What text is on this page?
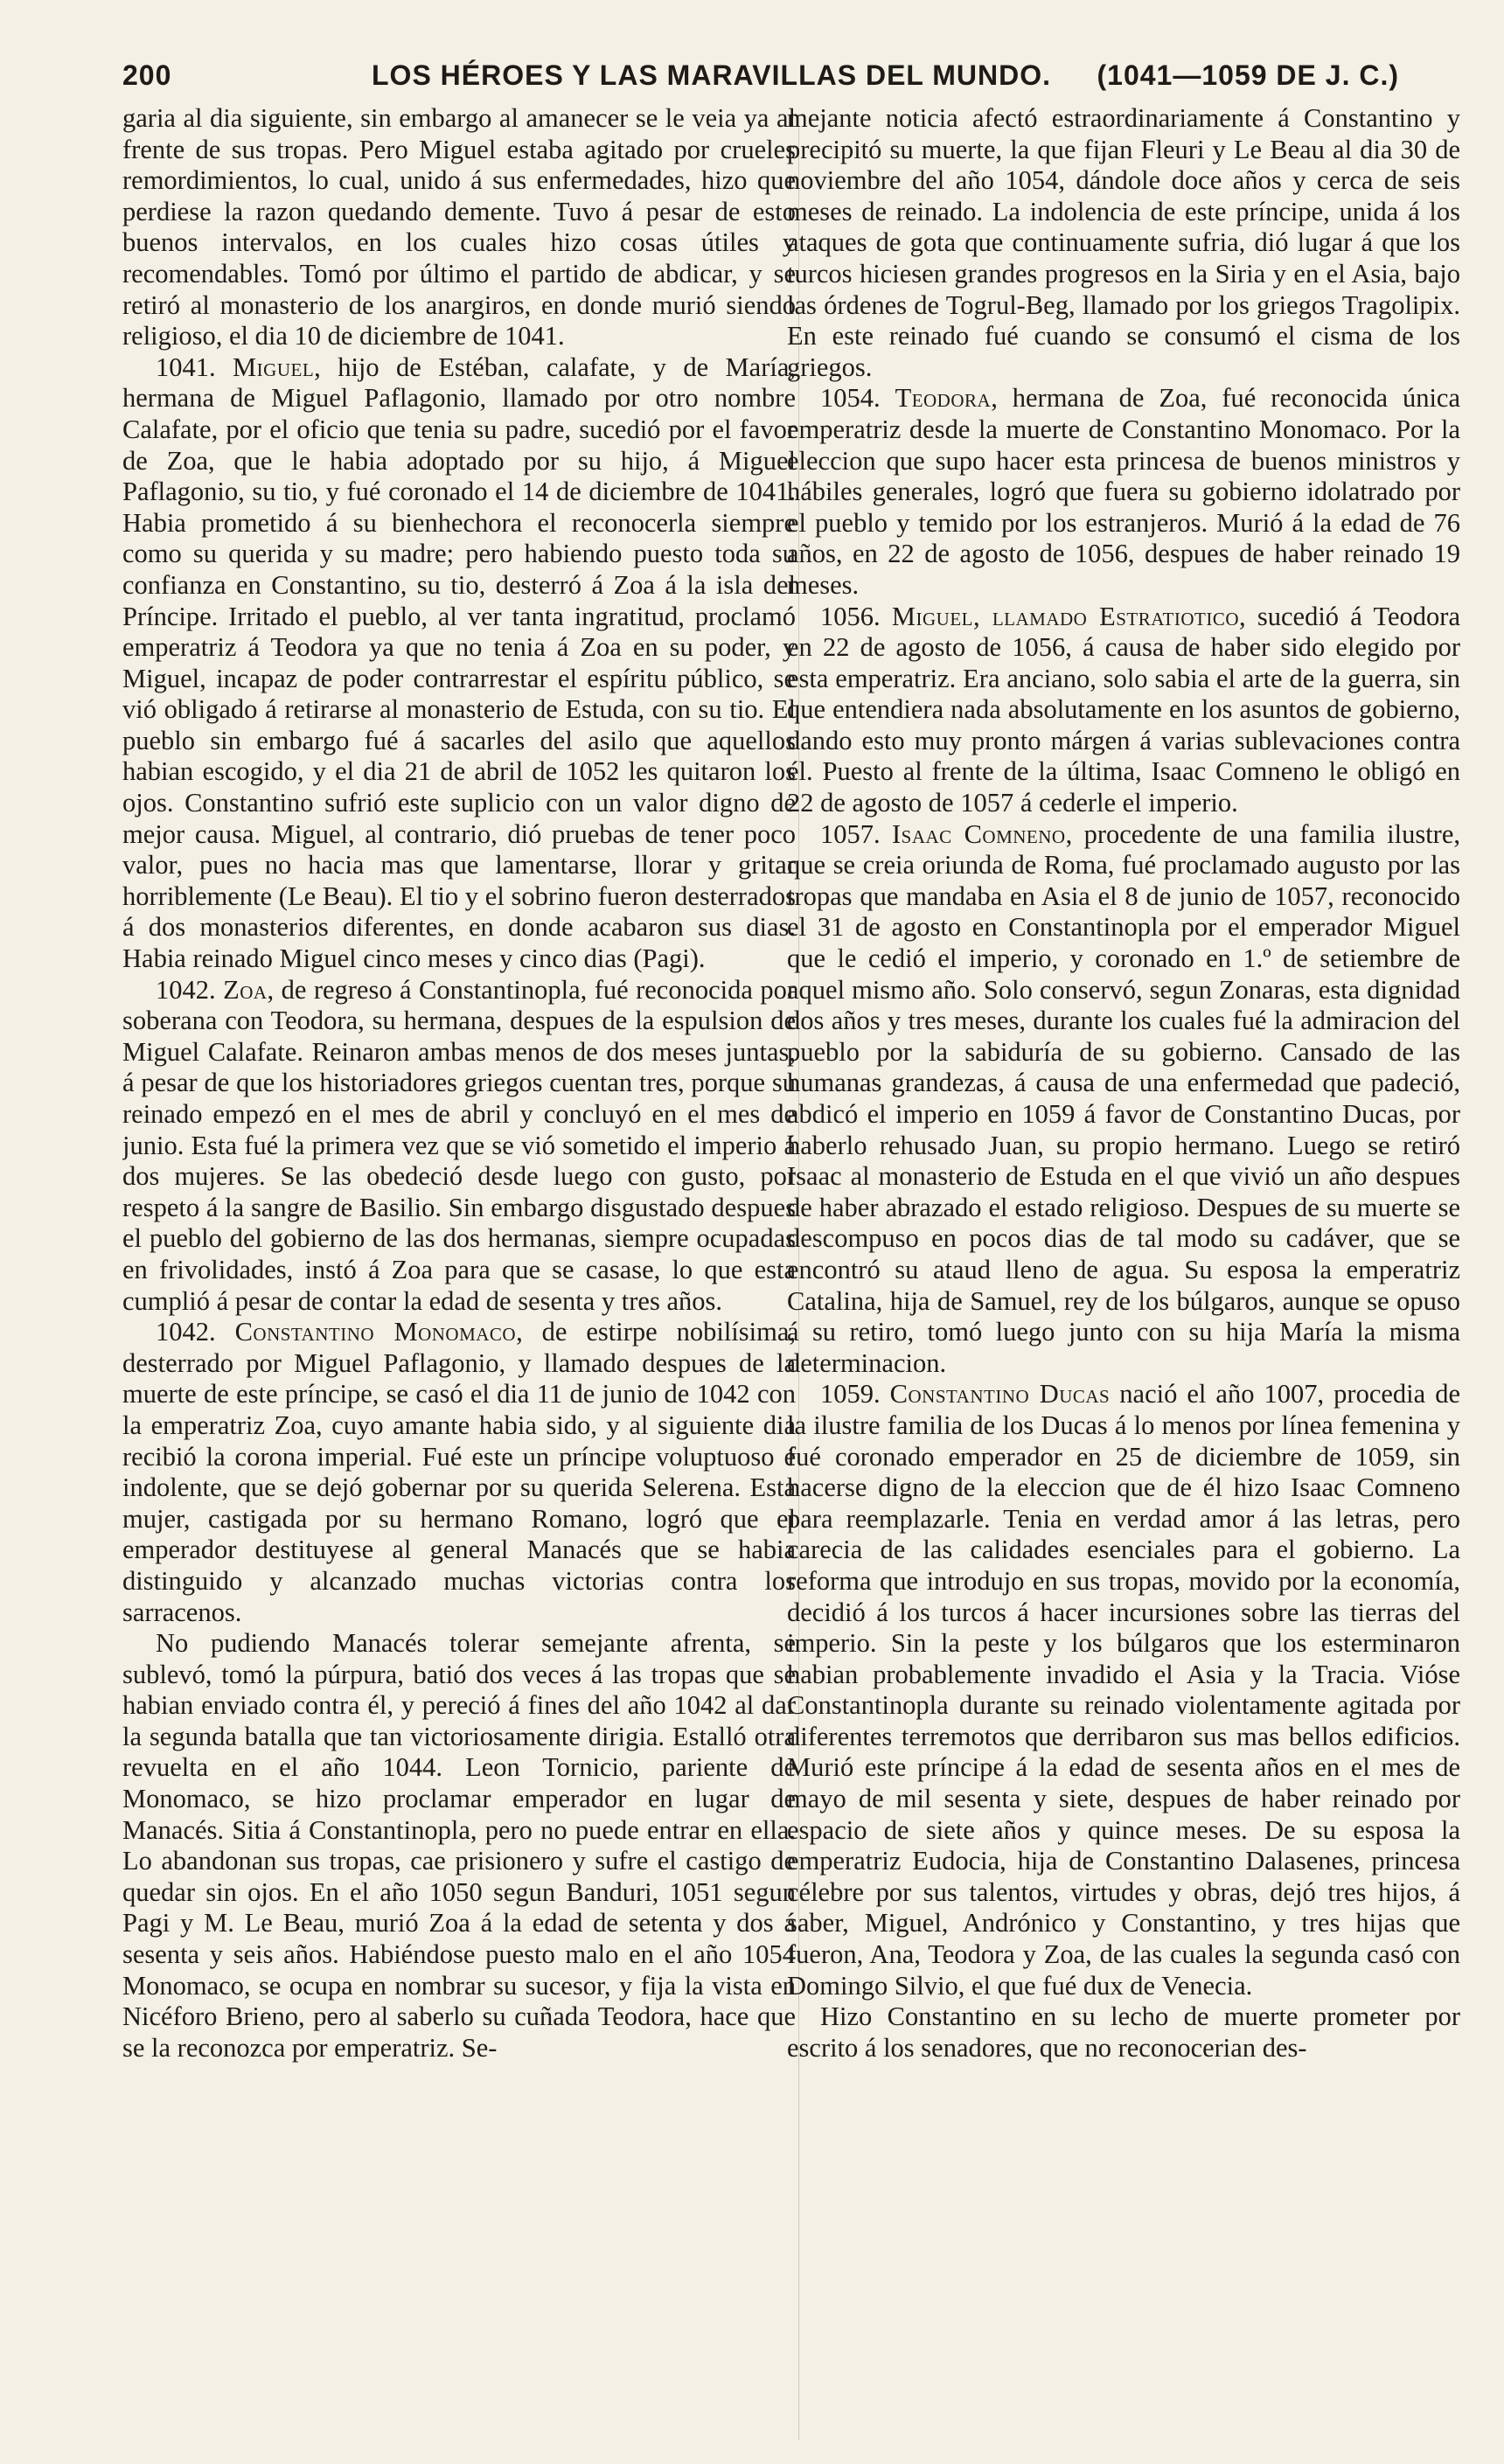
200	LOS HÉROES Y LAS MARAVILLAS DEL MUNDO. (1041—1059 DE J. C.)

garia al dia siguiente, sin embargo al amanecer se le veia ya al frente de sus tropas. Pero Miguel estaba agitado por crueles remordimientos, lo cual, unido á sus enfermedades, hizo que perdiese la razon quedando demente. Tuvo á pesar de esto buenos intervalos, en los cuales hizo cosas útiles y recomendables. Tomó por último el partido de abdicar, y se retiró al monasterio de los anargiros, en donde murió siendo religioso, el dia 10 de diciembre de 1041.

1041. Miguel, hijo de Estéban, calafate, y de María, hermana de Miguel Paflagonio, llamado por otro nombre Calafate, por el oficio que tenia su padre, sucedió por el favor de Zoa, que le habia adoptado por su hijo, á Miguel Paflagonio, su tio, y fué coronado el 14 de diciembre de 1041. Habia prometido á su bienhechora el reconocerla siempre como su querida y su madre; pero habiendo puesto toda su confianza en Constantino, su tio, desterró á Zoa á la isla del Príncipe. Irritado el pueblo, al ver tanta ingratitud, proclamó emperatriz á Teodora ya que no tenia á Zoa en su poder, y Miguel, incapaz de poder contrarrestar el espíritu público, se vió obligado á retirarse al monasterio de Estuda, con su tio. El pueblo sin embargo fué á sacarles del asilo que aquellos habian escogido, y el dia 21 de abril de 1052 les quitaron los ojos. Constantino sufrió este suplicio con un valor digno de mejor causa. Miguel, al contrario, dió pruebas de tener poco valor, pues no hacia mas que lamentarse, llorar y gritar horriblemente (Le Beau). El tio y el sobrino fueron desterrados á dos monasterios diferentes, en donde acabaron sus dias. Habia reinado Miguel cinco meses y cinco dias (Pagi).

1042. Zoa, de regreso á Constantinopla, fué reconocida por soberana con Teodora, su hermana, despues de la espulsion de Miguel Calafate. Reinaron ambas menos de dos meses juntas, á pesar de que los historiadores griegos cuentan tres, porque su reinado empezó en el mes de abril y concluyó en el mes de junio. Esta fué la primera vez que se vió sometido el imperio á dos mujeres. Se las obedeció desde luego con gusto, por respeto á la sangre de Basilio. Sin embargo disgustado despues el pueblo del gobierno de las dos hermanas, siempre ocupadas en frivolidades, instó á Zoa para que se casase, lo que esta cumplió á pesar de contar la edad de sesenta y tres años.

1042. Constantino Monomaco, de estirpe nobilísima, desterrado por Miguel Paflagonio, y llamado despues de la muerte de este príncipe, se casó el dia 11 de junio de 1042 con la emperatriz Zoa, cuyo amante habia sido, y al siguiente dia recibió la corona imperial. Fué este un príncipe voluptuoso é indolente, que se dejó gobernar por su querida Selerena. Esta mujer, castigada por su hermano Romano, logró que el emperador destituyese al general Manacés que se habia distinguido y alcanzado muchas victorias contra los sarracenos.

No pudiendo Manacés tolerar semejante afrenta, se sublevó, tomó la púrpura, batió dos veces á las tropas que se habian enviado contra él, y pereció á fines del año 1042 al dar la segunda batalla que tan victoriosamente dirigia. Estalló otra revuelta en el año 1044. Leon Tornicio, pariente de Monomaco, se hizo proclamar emperador en lugar de Manacés. Sitia á Constantinopla, pero no puede entrar en ella. Lo abandonan sus tropas, cae prisionero y sufre el castigo de quedar sin ojos. En el año 1050 segun Banduri, 1051 segun Pagi y M. Le Beau, murió Zoa á la edad de setenta y dos á sesenta y seis años. Habiéndose puesto malo en el año 1054 Monomaco, se ocupa en nombrar su sucesor, y fija la vista en Nicéforo Brieno, pero al saberlo su cuñada Teodora, hace que se la reconozca por emperatriz. Se-

mejante noticia afectó estraordinariamente á Constantino y precipitó su muerte, la que fijan Fleuri y Le Beau al dia 30 de noviembre del año 1054, dándole doce años y cerca de seis meses de reinado. La indolencia de este príncipe, unida á los ataques de gota que continuamente sufria, dió lugar á que los turcos hiciesen grandes progresos en la Siria y en el Asia, bajo las órdenes de Togrul-Beg, llamado por los griegos Tragolipix. En este reinado fué cuando se consumó el cisma de los griegos.

1054. Teodora, hermana de Zoa, fué reconocida única emperatriz desde la muerte de Constantino Monomaco. Por la eleccion que supo hacer esta princesa de buenos ministros y hábiles generales, logró que fuera su gobierno idolatrado por el pueblo y temido por los estranjeros. Murió á la edad de 76 años, en 22 de agosto de 1056, despues de haber reinado 19 meses.

1056. Miguel, llamado Estratiotico, sucedió á Teodora en 22 de agosto de 1056, á causa de haber sido elegido por esta emperatriz. Era anciano, solo sabia el arte de la guerra, sin que entendiera nada absolutamente en los asuntos de gobierno, dando esto muy pronto márgen á varias sublevaciones contra él. Puesto al frente de la última, Isaac Comneno le obligó en 22 de agosto de 1057 á cederle el imperio.

1057. Isaac Comneno, procedente de una familia ilustre, que se creia oriunda de Roma, fué proclamado augusto por las tropas que mandaba en Asia el 8 de junio de 1057, reconocido el 31 de agosto en Constantinopla por el emperador Miguel que le cedió el imperio, y coronado en 1.º de setiembre de aquel mismo año. Solo conservó, segun Zonaras, esta dignidad dos años y tres meses, durante los cuales fué la admiracion del pueblo por la sabiduría de su gobierno. Cansado de las humanas grandezas, á causa de una enfermedad que padeció, abdicó el imperio en 1059 á favor de Constantino Ducas, por haberlo rehusado Juan, su propio hermano. Luego se retiró Isaac al monasterio de Estuda en el que vivió un año despues de haber abrazado el estado religioso. Despues de su muerte se descompuso en pocos dias de tal modo su cadáver, que se encontró su ataud lleno de agua. Su esposa la emperatriz Catalina, hija de Samuel, rey de los búlgaros, aunque se opuso á su retiro, tomó luego junto con su hija María la misma determinacion.

1059. Constantino Ducas nació el año 1007, procedia de la ilustre familia de los Ducas á lo menos por línea femenina y fué coronado emperador en 25 de diciembre de 1059, sin hacerse digno de la eleccion que de él hizo Isaac Comneno para reemplazarle. Tenia en verdad amor á las letras, pero carecia de las calidades esenciales para el gobierno. La reforma que introdujo en sus tropas, movido por la economía, decidió á los turcos á hacer incursiones sobre las tierras del imperio. Sin la peste y los búlgaros que los esterminaron habian probablemente invadido el Asia y la Tracia. Vióse Constantinopla durante su reinado violentamente agitada por diferentes terremotos que derribaron sus mas bellos edificios. Murió este príncipe á la edad de sesenta años en el mes de mayo de mil sesenta y siete, despues de haber reinado por espacio de siete años y quince meses. De su esposa la emperatriz Eudocia, hija de Constantino Dalasenes, princesa célebre por sus talentos, virtudes y obras, dejó tres hijos, á saber, Miguel, Andrónico y Constantino, y tres hijas que fueron, Ana, Teodora y Zoa, de las cuales la segunda casó con Domingo Silvio, el que fué dux de Venecia.

Hizo Constantino en su lecho de muerte prometer por escrito á los senadores, que no reconocerian des-
